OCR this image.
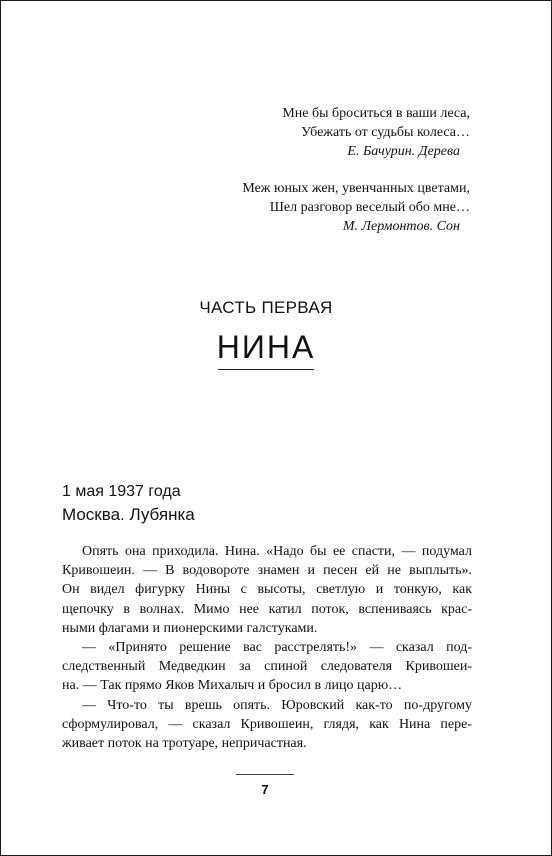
Мне бы броситься в ваши леса,
Убежать от судьбы колеса…
Е. Бачурин. Дерева
Меж юных жен, увенчанных цветами,
Шел разговор веселый обо мне…
М. Лермонтов. Сон
ЧАСТЬ ПЕРВАЯ
НИНА
1 мая 1937 года
Москва. Лубянка
Опять она приходила. Нина. «Надо бы ее спасти, — подумал
Кривошеин. — В водовороте знамен и песен ей не выплыть».
Он видел фигурку Нины с высоты, светлую и тонкую, как
щепочку в волнах. Мимо нее катил поток, вспениваясь крас-
ными флагами и пионерскими галстуками.
— «Принято решение вас расстрелять!» — сказал под-
следственный Медведкин за спиной следователя Кривошеи-
на. — Так прямо Яков Михалыч и бросил в лицо царю…
— Что-то ты врешь опять. Юровский как-то по-другому
сформулировал, — сказал Кривошеин, глядя, как Нина пере-
живает поток на тротуаре, непричастная.
7
